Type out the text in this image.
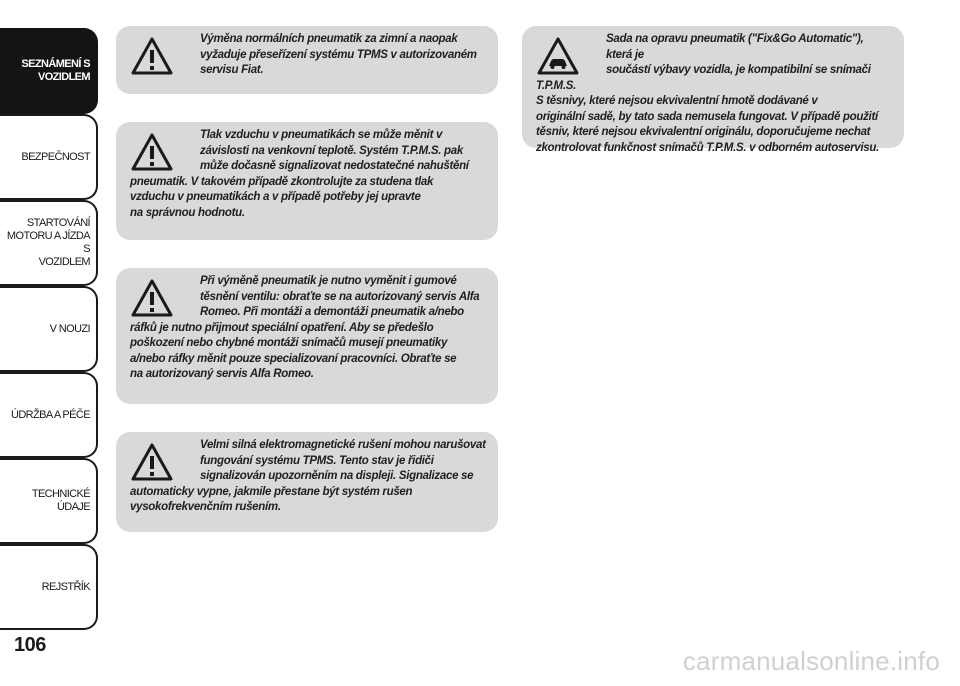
SEZNÁMENÍ S
VOZIDLEM
BEZPEČNOST
STARTOVÁNÍ
MOTORU A JÍZDA S
VOZIDLEM
V NOUZI
ÚDRŽBA A PÉČE
TECHNICKÉ ÚDAJE
REJSTŘÍK
106
Výměna normálních pneumatik za zimní a naopak
vyžaduje přeseřízení systému TPMS v autorizovaném
servisu Fiat.
Tlak vzduchu v pneumatikách se může měnit v
závislosti na venkovní teplotě. Systém T.P.M.S. pak
může dočasně signalizovat nedostatečné nahuštění
pneumatik. V takovém případě zkontrolujte za studena tlak
vzduchu v pneumatikách a v případě potřeby jej upravte
na správnou hodnotu.
Při výměně pneumatik je nutno vyměnit i gumové
těsnění ventilu: obraťte se na autorizovaný servis Alfa
Romeo. Při montáži a demontáži pneumatik a/nebo
ráfků je nutno přijmout speciální opatření. Aby se předešlo
poškození nebo chybné montáži snímačů musejí pneumatiky
a/nebo ráfky měnit pouze specializovaní pracovníci. Obraťte se
na autorizovaný servis Alfa Romeo.
Velmi silná elektromagnetické rušení mohou narušovat
fungování systému TPMS. Tento stav je řidiči
signalizován upozorněním na displeji. Signalizace se
automaticky vypne, jakmile přestane být systém rušen
vysokofrekvenčním rušením.
Sada na opravu pneumatik ("Fix&Go Automatic"), která je
součástí výbavy vozidla, je kompatibilní se snímači T.P.M.S.
S těsnivy, které nejsou ekvivalentní hmotě dodávané v
originální sadě, by tato sada nemusela fungovat. V případě použití
těsniv, které nejsou ekvivalentní originálu, doporučujeme nechat
zkontrolovat funkčnost snímačů T.P.M.S. v odborném autoservisu.
carmanualsonline.info
